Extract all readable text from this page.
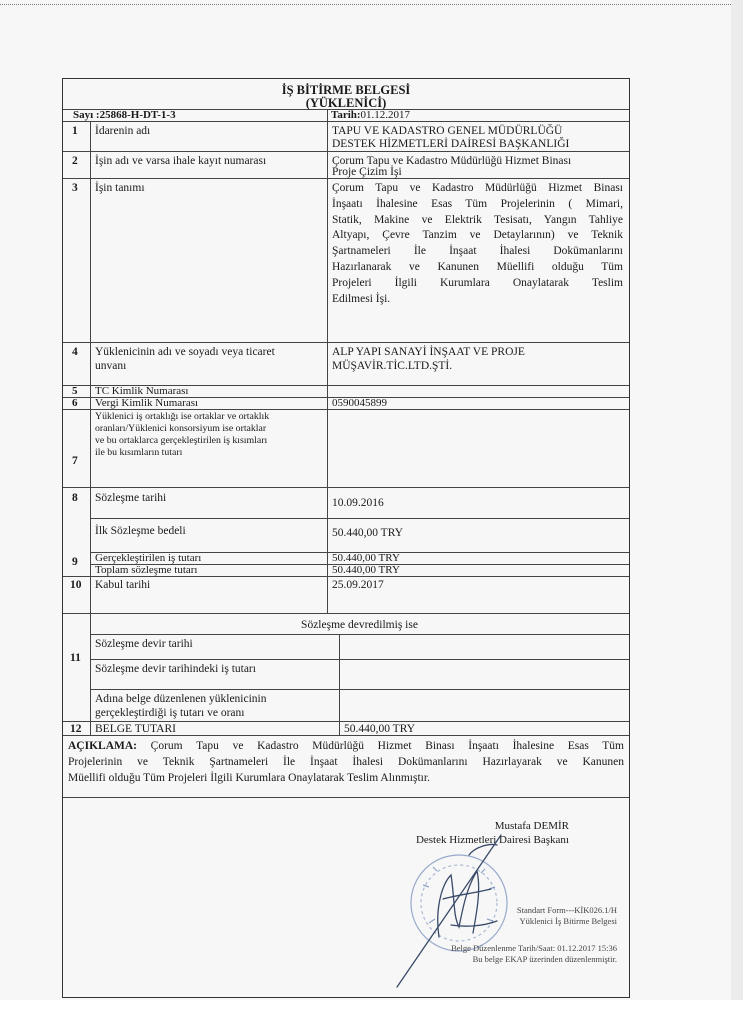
İŞ BİTİRME BELGESİ
(YÜKLENİCİ)
Sayı :25868-H-DT-1-3	Tarih:01.12.2017
1 İdarenin adı	TAPU VE KADASTRO GENEL MÜDÜRLÜĞÜ
DESTEK HİZMETLERİ DAİRESİ BAŞKANLIĞI
2 İşin adı ve varsa ihale kayıt numarası	Çorum Tapu ve Kadastro Müdürlüğü Hizmet Binası
Proje Çizim İşi
3 İşin tanımı	Çorum Tapu ve Kadastro Müdürlüğü Hizmet Binası
İnşaatı İhalesine Esas Tüm Projelerinin ( Mimari,
Statik, Makine ve Elektrik Tesisatı, Yangın Tahliye
Altyapı, Çevre Tanzim ve Detaylarının) ve Teknik
Şartnameleri İle İnşaat İhalesi Dokümanlarını
Hazırlanarak ve Kanunen Müellifi olduğu Tüm
Projeleri İlgili Kurumlara Onaylatarak Teslim
Edilmesi İşi.
4 Yüklenicinin adı ve soyadı veya ticaret
unvanı
ALP YAPI SANAYİ İNŞAAT VE PROJE
MÜŞAVİR.TİC.LTD.ŞTİ.
5 TC Kimlik Numarası
6 Vergi Kimlik Numarası	0590045899
7
Yüklenici iş ortaklığı ise ortaklar ve ortaklık
oranları/Yüklenici konsorsiyum ise ortaklar
ve bu ortaklarca gerçekleştirilen iş kısımları
ile bu kısımların tutarı
8 Sözleşme tarihi	10.09.2016
9
İlk Sözleşme bedeli	50.440,00 TRY
Gerçekleştirilen iş tutarı	50.440,00 TRY
Toplam sözleşme tutarı	50.440,00 TRY
10 Kabul tarihi	25.09.2017
Sözleşme devredilmiş ise
11
Sözleşme devir tarihi
Sözleşme devir tarihindeki iş tutarı
Adına belge düzenlenen yüklenicinin
gerçekleştirdiği iş tutarı ve oranı
12 BELGE TUTARI	50.440,00 TRY
AÇIKLAMA: Çorum Tapu ve Kadastro Müdürlüğü Hizmet Binası İnşaatı İhalesine Esas Tüm
Projelerinin ve Teknik Şartnameleri İle İnşaat İhalesi Dokümanlarını Hazırlayarak ve Kanunen
Müellifi olduğu Tüm Projeleri İlgili Kurumlara Onaylatarak Teslim Alınmıştır.
Mustafa DEMİR
Destek Hizmetleri Dairesi Başkanı
Standart Form---KİK026.1/H
Yüklenici İş Bitirme Belgesi
Belge Düzenlenme Tarih/Saat: 01.12.2017 15:36
Bu belge EKAP üzerinden düzenlenmiştir.
